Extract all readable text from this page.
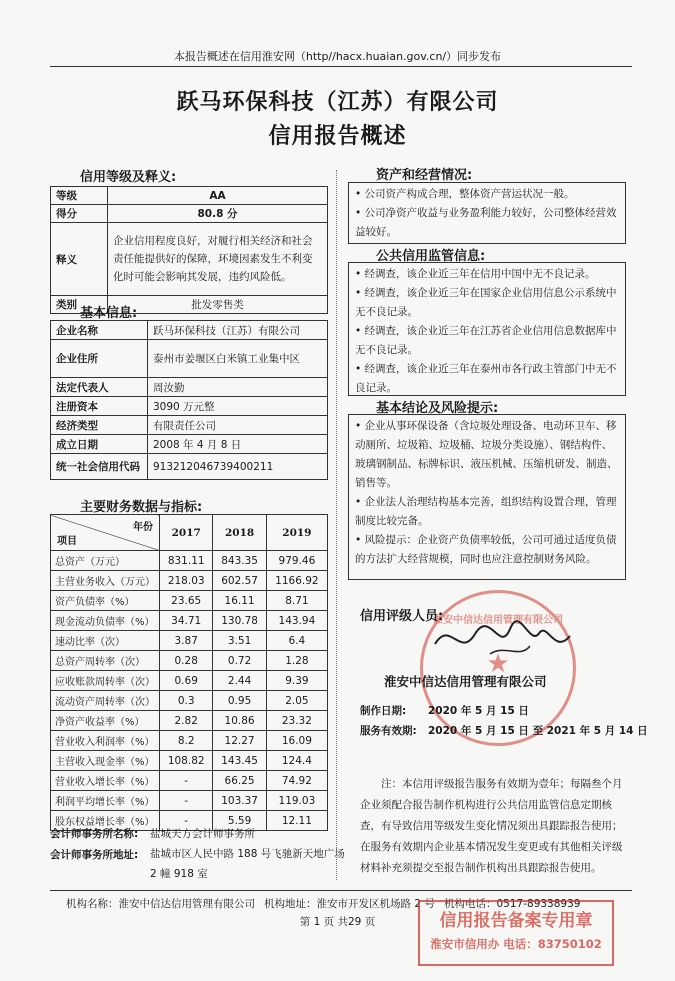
本报告概述在信用淮安网（http//hacx.huaian.gov.cn/）同步发布
跃马环保科技（江苏）有限公司
信用报告概述
信用等级及释义:
等级	AA
得分	80.8 分
释义	企业信用程度良好，对履行相关经济和社会责任能提供好的保障，环境因素发生不利变化时可能会影响其发展，违约风险低。
类别	批发零售类
基本信息:
企业名称	跃马环保科技（江苏）有限公司
企业住所	泰州市姜堰区白米镇工业集中区
法定代表人	周汝勤
注册资本	3090 万元整
经济类型	有限责任公司
成立日期	2008 年 4 月 8 日
统一社会信用代码	913212046739400211
主要财务数据与指标:
年份
项目	2017	2018	2019
总资产（万元）	831.11	843.35	979.46
主营业务收入（万元）	218.03	602.57	1166.92
资产负债率（%）	23.65	16.11	8.71
现金流动负债率（%）	34.71	130.78	143.94
速动比率（次）	3.87	3.51	6.4
总资产周转率（次）	0.28	0.72	1.28
应收账款周转率（次）	0.69	2.44	9.39
流动资产周转率（次）	0.3	0.95	2.05
净资产收益率（%）	2.82	10.86	23.32
营业收入利润率（%）	8.2	12.27	16.09
主营收入现金率（%）	108.82	143.45	124.4
营业收入增长率（%）	-	66.25	74.92
利润平均增长率（%）	-	103.37	119.03
股东权益增长率（%）	-	5.59	12.11
会计师事务所名称: 盐城天方会计师事务所
会计师事务所地址: 盐城市区人民中路 188 号飞驰新天地广场 2 幢 918 室
资产和经营情况:

• 公司资产构成合理，整体资产营运状况一般。

• 公司净资产收益与业务盈利能力较好，公司整体经营效益较好。

公共信用监管信息:

• 经调查，该企业近三年在信用中国中无不良记录。

• 经调查，该企业近三年在国家企业信用信息公示系统中无不良记录。

• 经调查，该企业近三年在江苏省企业信用信息数据库中无不良记录。

• 经调查，该企业近三年在泰州市各行政主管部门中无不良记录。

基本结论及风险提示:

• 企业从事环保设备（含垃圾处理设备、电动环卫车、移动厕所、垃圾箱、垃圾桶、垃圾分类设施）、钢结构件、玻璃钢制品、标牌标识、液压机械、压缩机研发、制造、销售等。

• 企业法人治理结构基本完善，组织结构设置合理，管理制度比较完备。

• 风险提示：企业资产负债率较低，公司可通过适度负债的方法扩大经营规模，同时也应注意控制财务风险。

★
淮安中信达信用管理有限公司
信用评级人员:
淮安中信达信用管理有限公司
制作日期: 2020 年 5 月 15 日
服务有效期: 2020 年 5 月 15 日 至 2021 年 5 月 14 日
注：本信用评级报告服务有效期为壹年；每隔叁个月企业须配合报告制作机构进行公共信用监管信息定期核查，有导致信用等级发生变化情况须出具跟踪报告使用；在服务有效期内企业基本情况发生变更或有其他相关评级材料补充须提交至报告制作机构出具跟踪报告使用。
机构名称：淮安中信达信用管理有限公司 机构地址：淮安市开发区机场路 2 号 机构电话：0517-89338939
第 1 页 共29 页	信用报告备案专用章
淮安市信用办 电话：83750102
